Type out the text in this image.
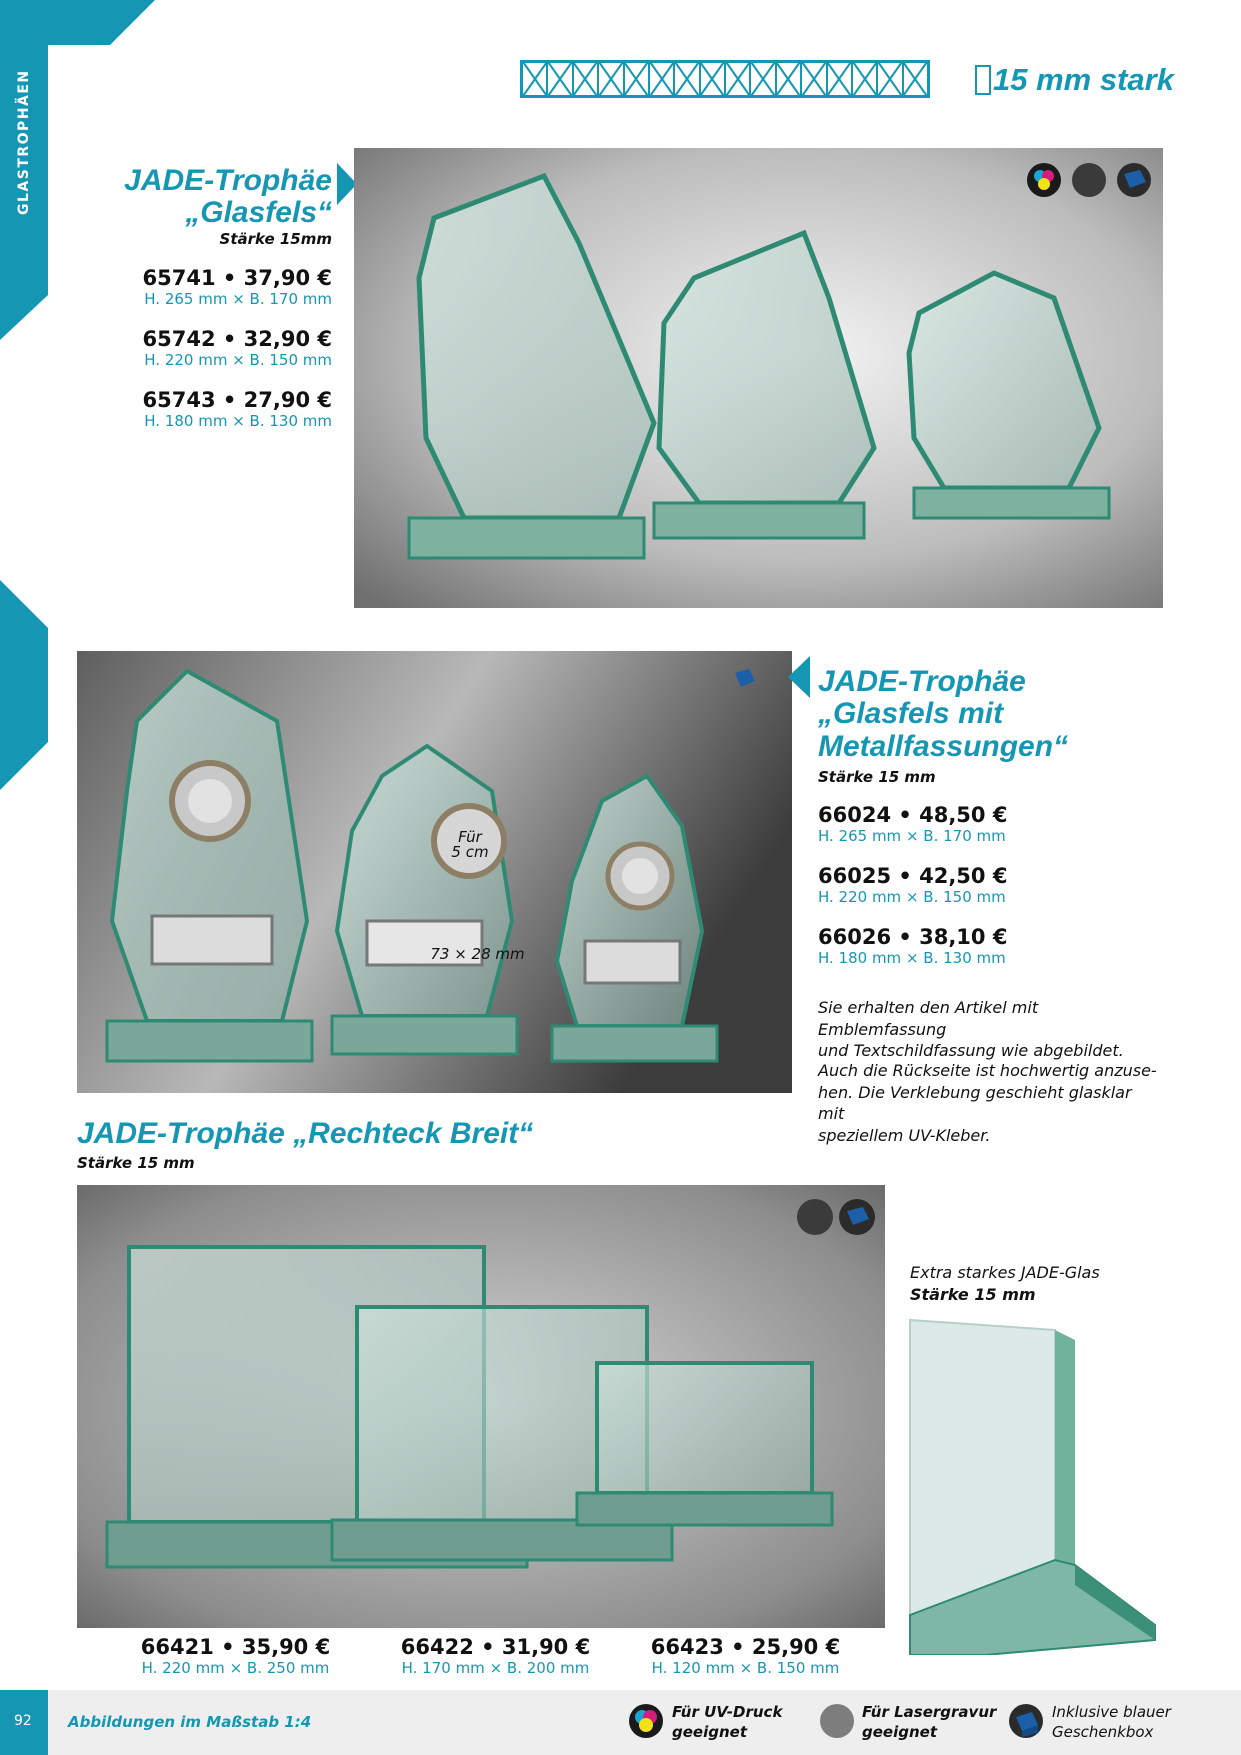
92
15 mm stark
JADE-Trophäe
„Glasfels“
Stärke 15mm
65741 • 37,90 €
H. 265 mm × B. 170 mm
65742 • 32,90 €
H. 220 mm × B. 150 mm
65743 • 27,90 €
H. 180 mm × B. 130 mm
Für
5 cm
73 × 28 mm
JADE-Trophäe
„Glasfels mit
Metallfassungen“
Stärke 15 mm
66024 • 48,50 €
H. 265 mm × B. 170 mm
66025 • 42,50 €
H. 220 mm × B. 150 mm
66026 • 38,10 €
H. 180 mm × B. 130 mm
Sie erhalten den Artikel mit Emblemfassung
und Textschildfassung wie abgebildet.
Auch die Rückseite ist hochwertig anzuse-
hen. Die Verklebung geschieht glasklar mit
speziellem UV-Kleber.
JADE-Trophäe „Rechteck Breit“
Stärke 15 mm
66421 • 35,90 €
H. 220 mm × B. 250 mm
66422 • 31,90 €
H. 170 mm × B. 200 mm
66423 • 25,90 €
H. 120 mm × B. 150 mm
Extra starkes JADE-Glas
Stärke 15 mm
Abbildungen im Maßstab 1:4
Für UV-Druck
geeignet
Für Lasergravur
geeignet
Inklusive blauer
Geschenkbox
